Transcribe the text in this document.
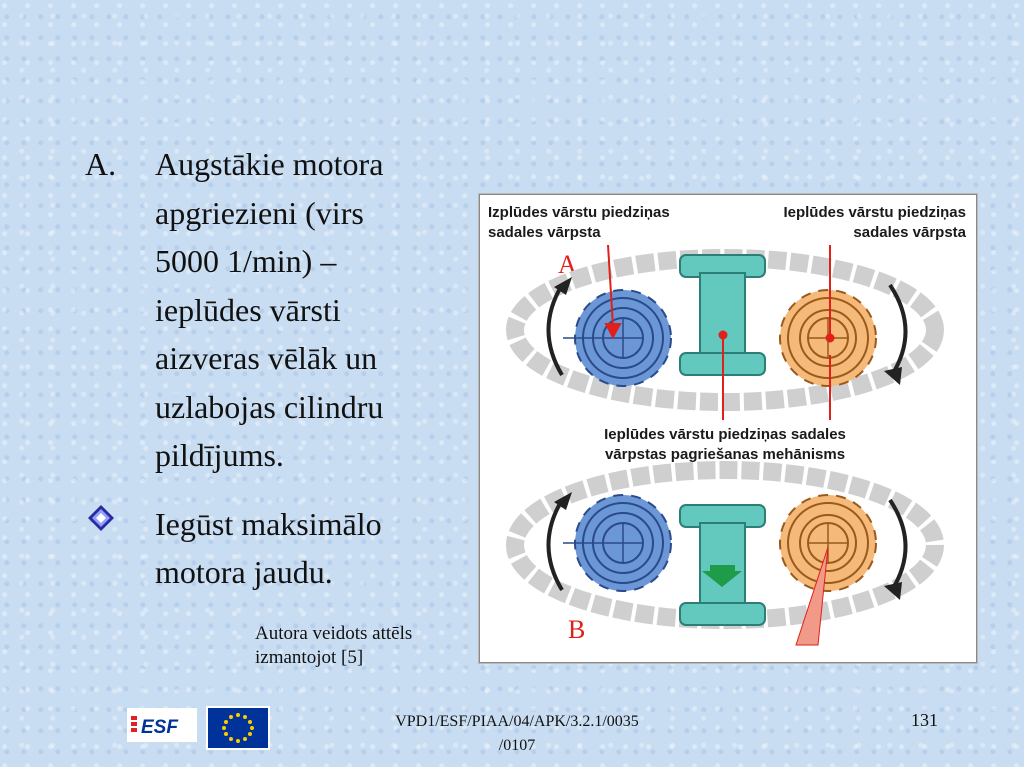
A. Augstākie motora
apgriezieni (virs
5000 1/min) –
ieplūdes vārsti
aizveras vēlāk un
uzlabojas cilindru
pildījums.
Iegūst maksimālo
motora jaudu.
Autora veidots attēls
izmantojot [5]
Izplūdes vārstu piedziņas
sadales vārpsta
Ieplūdes vārstu piedziņas
sadales vārpsta
Ieplūdes vārstu piedziņas sadales
vārpstas pagriešanas mehānisms
A
B
ESF	VPD1/ESF/PIAA/04/APK/3.2.1/0035
/0107
131
